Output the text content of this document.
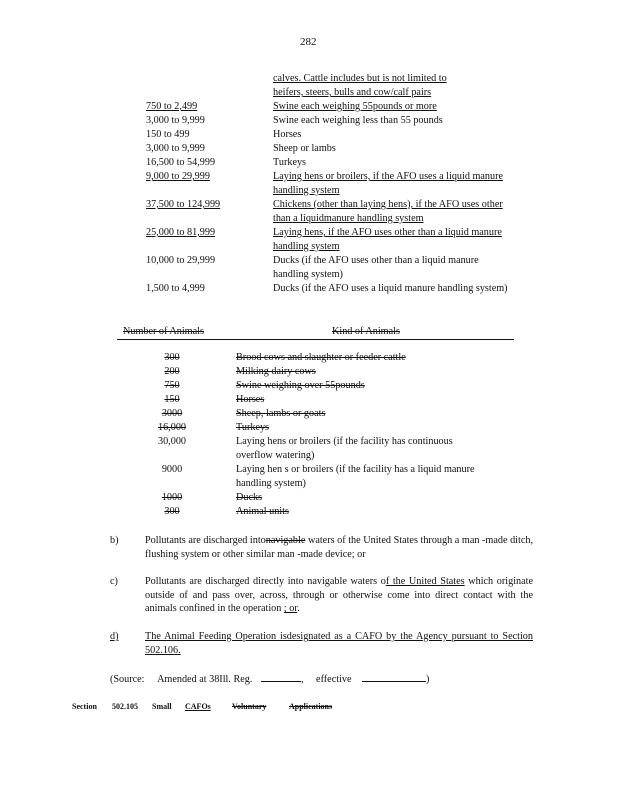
282
calves. Cattle includes but is not limited to
heifers, steers, bulls and cow/calf pairs
750 to 2,499	Swine each weighing 55pounds or more
3,000 to 9,999	Swine each weighing less than 55 pounds
150 to 499	Horses
3,000 to 9,999	Sheep or lambs
16,500 to 54,999	Turkeys
9,000 to 29,999	Laying hens or broilers, if the AFO uses a liquid manure handling system
37,500 to 124,999	Chickens (other than laying hens), if the AFO uses other than a liquidmanure handling system
25,000 to 81,999	Laying hens, if the AFO uses other than a liquid manure handling system
10,000 to 29,999	Ducks (if the AFO uses other than a liquid manure handling system)
1,500 to 4,999	Ducks (if the AFO uses a liquid manure handling system)
Number of Animals	Kind of Animals
300	Brood cows and slaughter or feeder cattle
200	Milking dairy cows
750	Swine weighing over 55pounds
150	Horses
3000	Sheep, lambs or goats
16,000	Turkeys
30,000	Laying hens or broilers (if the facility has continuous overflow watering)
9000	Laying hen s or broilers (if the facility has a liquid manure handling system)
1000	Ducks
300	Animal units
b)	Pollutants are discharged intonavigable waters of the United States through a man -made ditch, flushing system or other similar man -made device; or
c)	Pollutants are discharged directly into navigable waters of the United States which originate outside of and pass over, across, through or otherwise come into direct contact with the animals confined in the operation ; or.
d)	The Animal Feeding Operation isdesignated as a CAFO by the Agency pursuant to Section 502.106.
(Source: Amended at 38Ill. Reg.	, effective	)
Section 502.105 Small CAFOs	Voluntary	Applications
